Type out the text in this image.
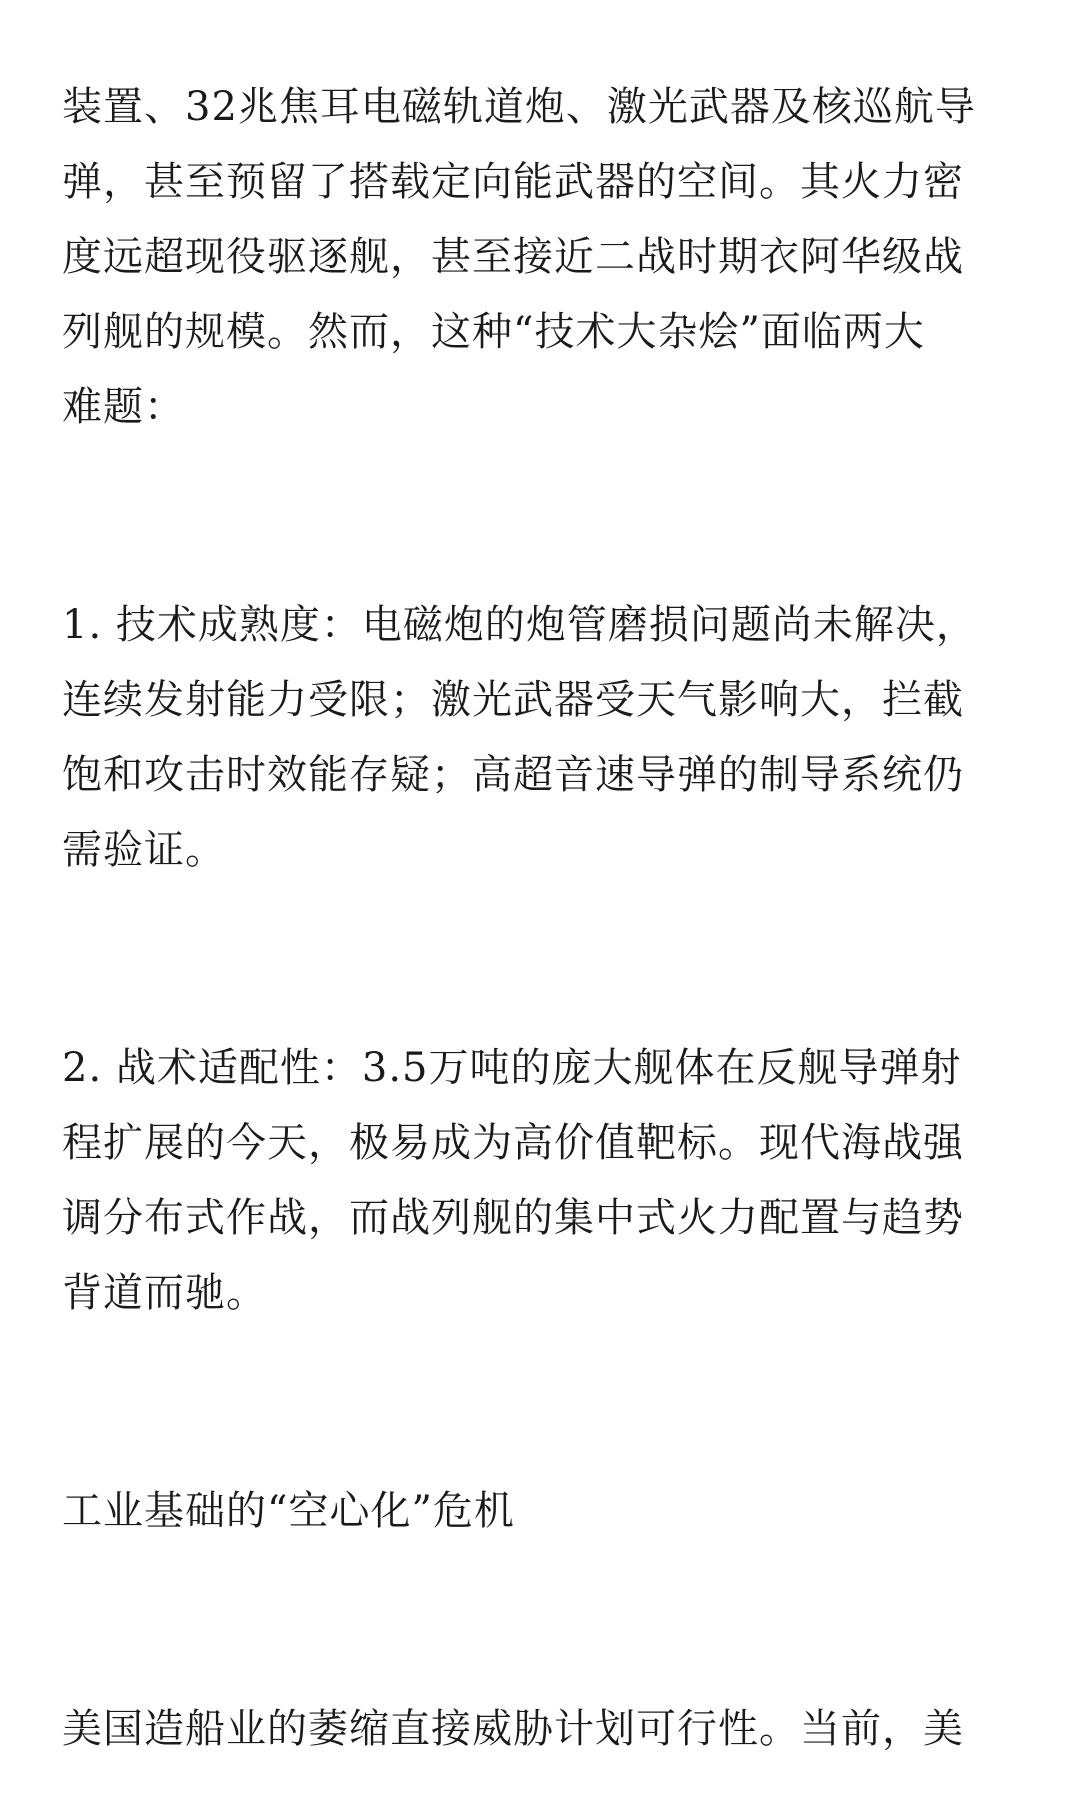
装置、32兆焦耳电磁轨道炮、激光武器及核巡航导
弹，甚至预留了搭载定向能武器的空间。其火力密
度远超现役驱逐舰，甚至接近二战时期衣阿华级战
列舰的规模。然而，这种“技术大杂烩”面临两大
难题：

1. 技术成熟度：电磁炮的炮管磨损问题尚未解决，
连续发射能力受限；激光武器受天气影响大，拦截
饱和攻击时效能存疑；高超音速导弹的制导系统仍
需验证。

2. 战术适配性：3.5万吨的庞大舰体在反舰导弹射
程扩展的今天，极易成为高价值靶标。现代海战强
调分布式作战，而战列舰的集中式火力配置与趋势
背道而驰。

工业基础的“空心化”危机

美国造船业的萎缩直接威胁计划可行性。当前，美
